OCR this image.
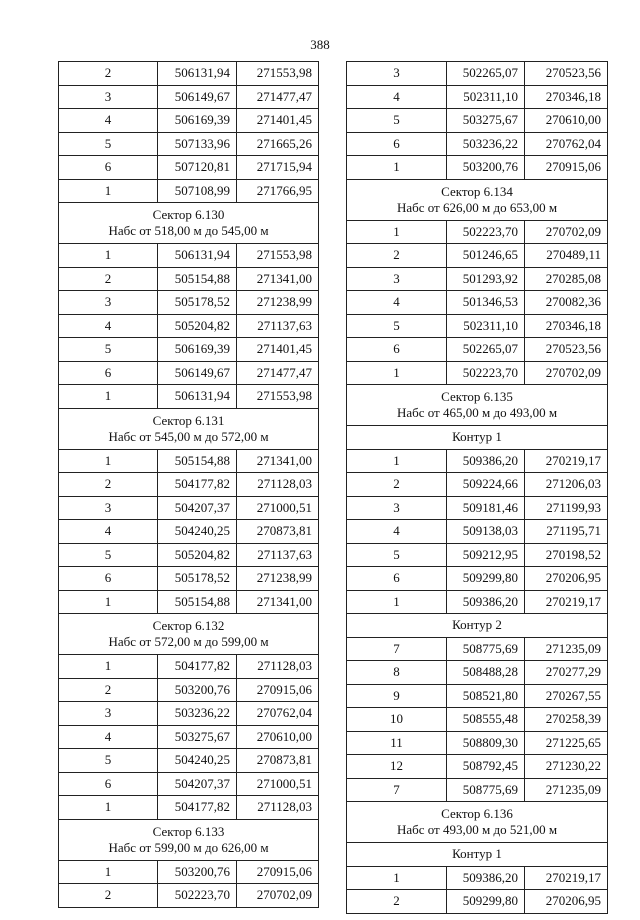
388
2	506131,94	271553,98
3	506149,67	271477,47
4	506169,39	271401,45
5	507133,96	271665,26
6	507120,81	271715,94
1	507108,99	271766,95

Сектор 6.130
Набс от 518,00 м до 545,00 м		

1	506131,94	271553,98
2	505154,88	271341,00
3	505178,52	271238,99
4	505204,82	271137,63
5	506169,39	271401,45
6	506149,67	271477,47
1	506131,94	271553,98

Сектор 6.131
Набс от 545,00 м до 572,00 м		

1	505154,88	271341,00
2	504177,82	271128,03
3	504207,37	271000,51
4	504240,25	270873,81
5	505204,82	271137,63
6	505178,52	271238,99
1	505154,88	271341,00

Сектор 6.132
Набс от 572,00 м до 599,00 м		

1	504177,82	271128,03
2	503200,76	270915,06
3	503236,22	270762,04
4	503275,67	270610,00
5	504240,25	270873,81
6	504207,37	271000,51
1	504177,82	271128,03

Сектор 6.133
Набс от 599,00 м до 626,00 м		

1	503200,76	270915,06
2	502223,70	270702,09
3	502265,07	270523,56
4	502311,10	270346,18
5	503275,67	270610,00
6	503236,22	270762,04
1	503200,76	270915,06

Сектор 6.134
Набс от 626,00 м до 653,00 м		

1	502223,70	270702,09
2	501246,65	270489,11
3	501293,92	270285,08
4	501346,53	270082,36
5	502311,10	270346,18
6	502265,07	270523,56
1	502223,70	270702,09

Сектор 6.135
Набс от 465,00 м до 493,00 м		

Контур 1		
1	509386,20	270219,17
2	509224,66	271206,03
3	509181,46	271199,93
4	509138,03	271195,71
5	509212,95	270198,52
6	509299,80	270206,95
1	509386,20	270219,17
Контур 2		
7	508775,69	271235,09
8	508488,28	270277,29
9	508521,80	270267,55
10	508555,48	270258,39
11	508809,30	271225,65
12	508792,45	271230,22
7	508775,69	271235,09

Сектор 6.136
Набс от 493,00 м до 521,00 м		

Контур 1		
1	509386,20	270219,17
2	509299,80	270206,95
